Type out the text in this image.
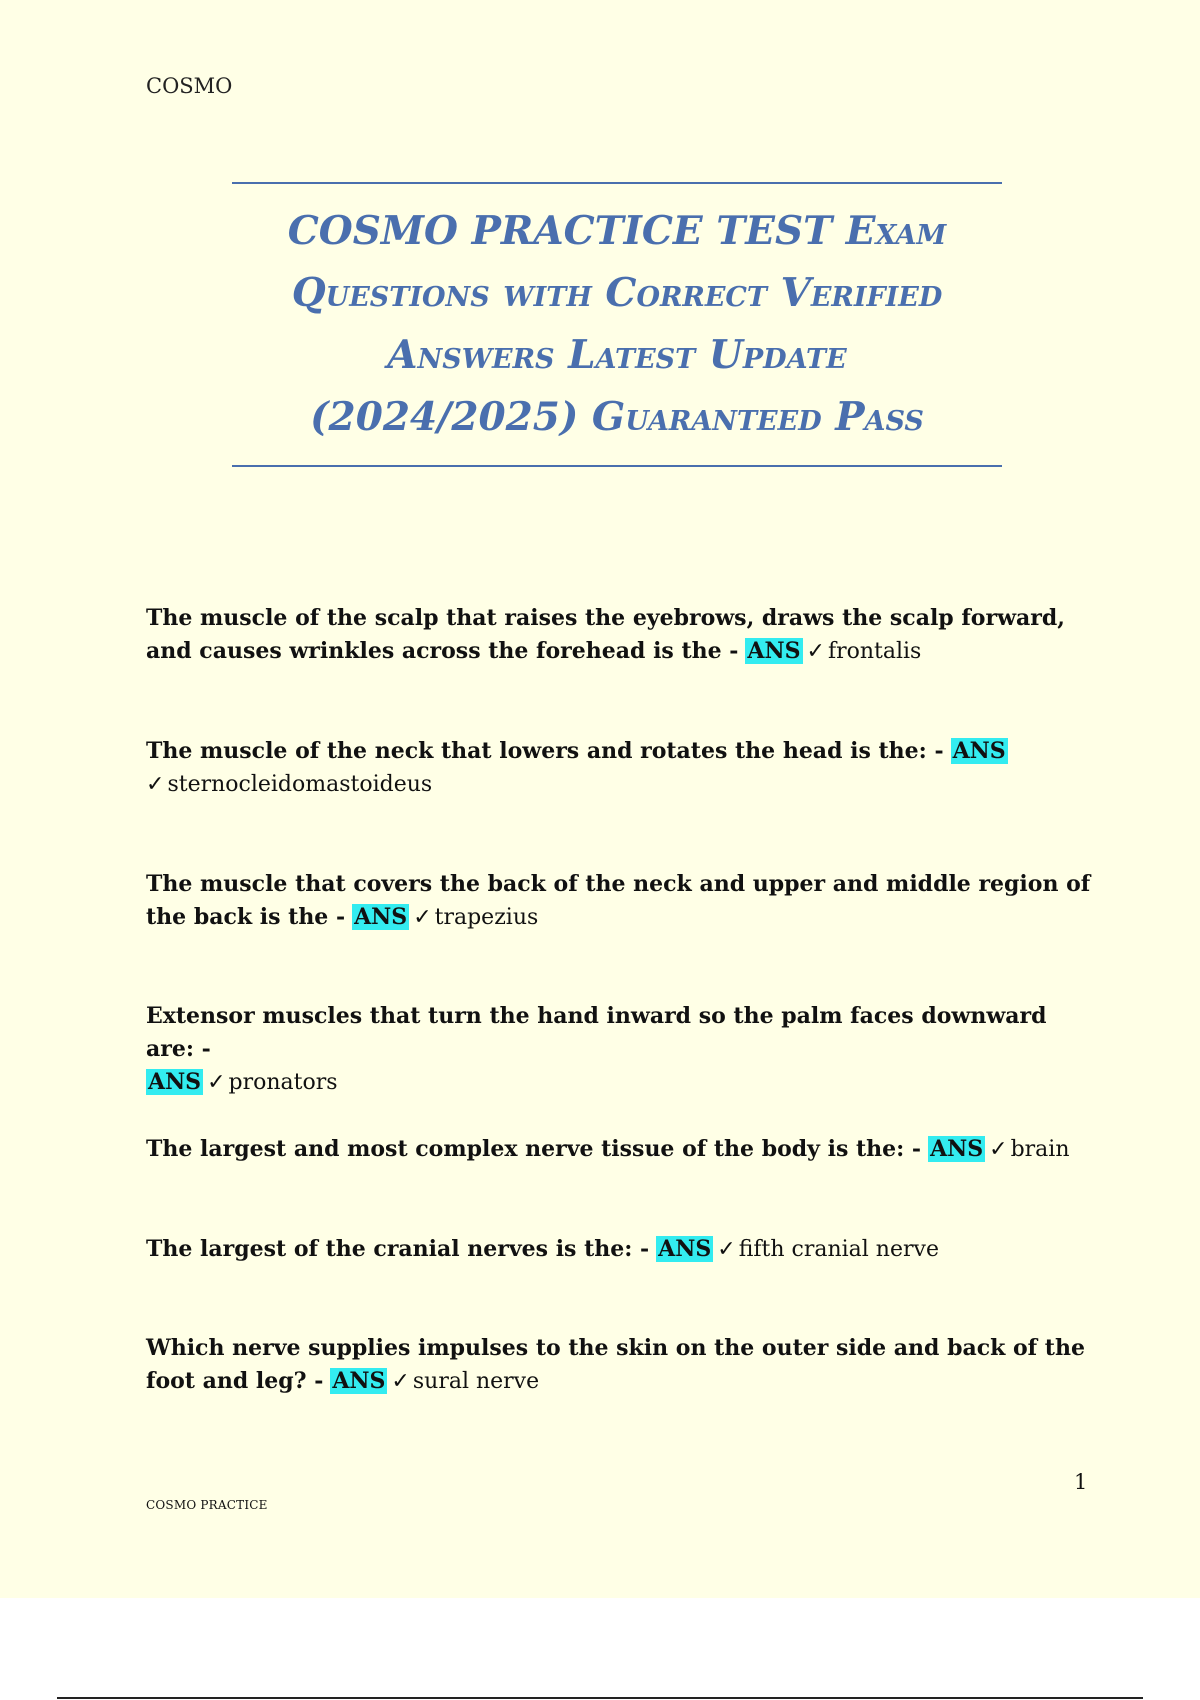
COSMO
COSMO PRACTICE TEST Exam
Questions with Correct Verified
Answers Latest Update
(2024/2025) Guaranteed Pass
The muscle of the scalp that raises the eyebrows, draws the scalp forward, and causes wrinkles across the forehead is the - ANS ✓ frontalis
The muscle of the neck that lowers and rotates the head is the: - ANS
✓ sternocleidomastoideus
The muscle that covers the back of the neck and upper and middle region of the back is the - ANS ✓ trapezius
Extensor muscles that turn the hand inward so the palm faces downward are: -
ANS ✓ pronators
The largest and most complex nerve tissue of the body is the: - ANS ✓ brain
The largest of the cranial nerves is the: - ANS ✓ fifth cranial nerve
Which nerve supplies impulses to the skin on the outer side and back of the foot and leg? - ANS ✓ sural nerve
1
COSMO PRACTICE
